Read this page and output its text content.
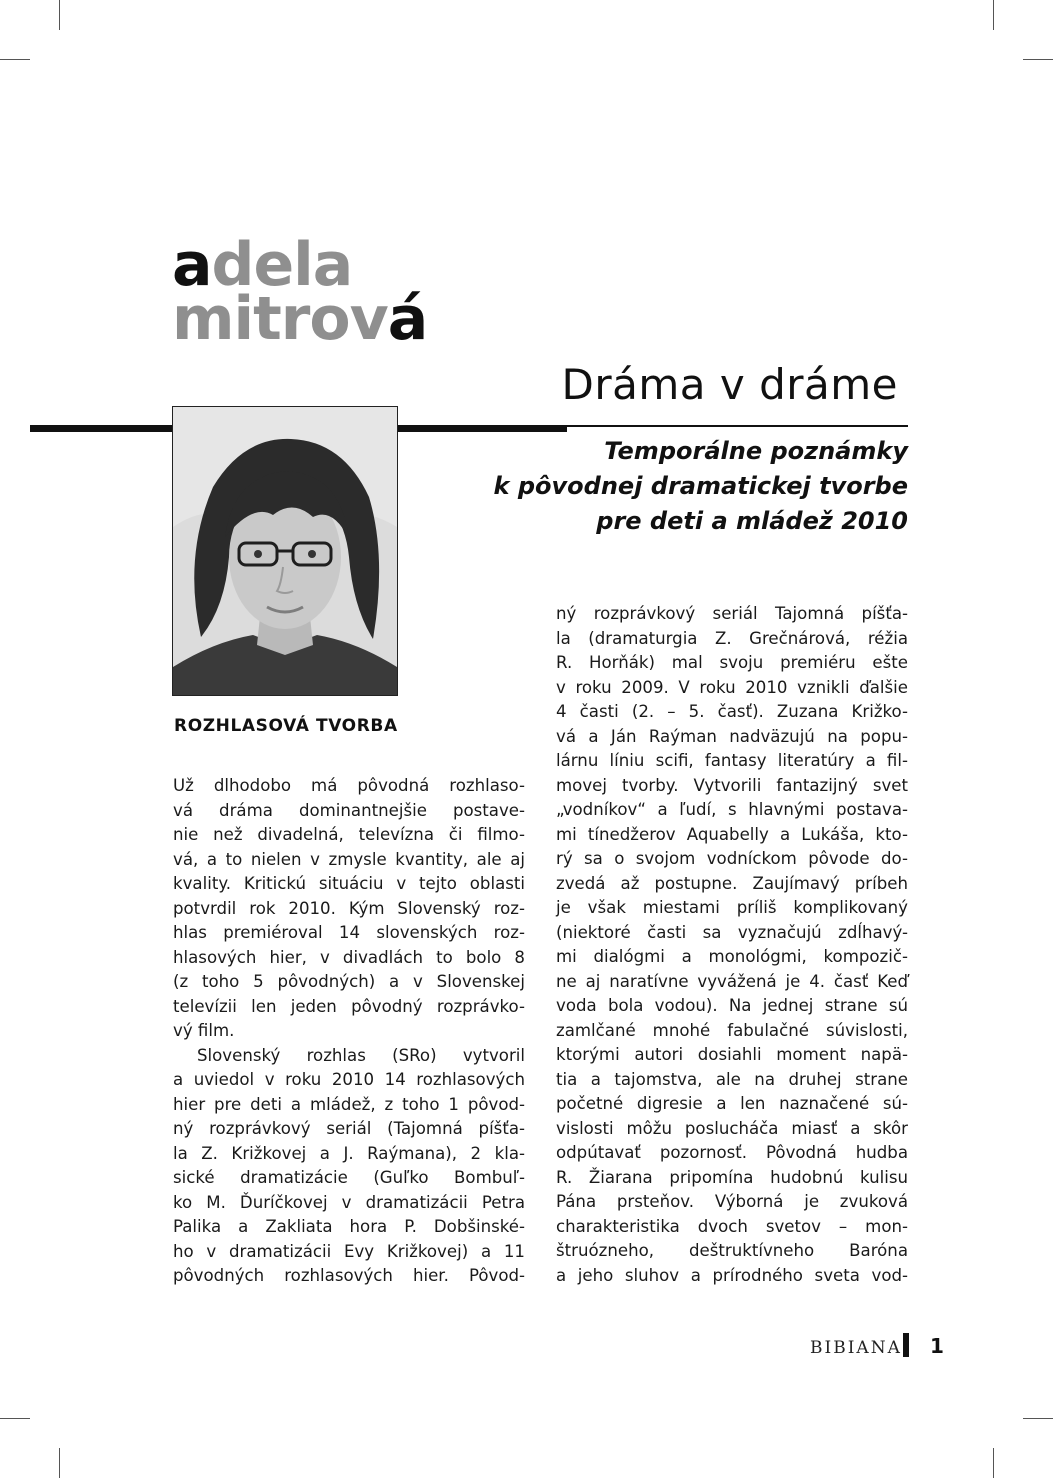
adela
mitrová
Dráma v dráme
Temporálne poznámky
k pôvodnej dramatickej tvorbe
pre deti a mládež 2010
ROZHLASOVÁ TVORBA
Už dlhodobo má pôvodná rozhlaso-
vá dráma dominantnejšie postave-
nie než divadelná, televízna či filmo-
vá, a to nielen v zmysle kvantity, ale aj
kvality. Kritickú situáciu v tejto oblasti
potvrdil rok 2010. Kým Slovenský roz-
hlas premiéroval 14 slovenských roz-
hlasových hier, v divadlách to bolo 8
(z toho 5 pôvodných) a v Slovenskej
televízii len jeden pôvodný rozprávko-
vý film.
Slovenský rozhlas (SRo) vytvoril
a uviedol v roku 2010 14 rozhlasových
hier pre deti a mládež, z toho 1 pôvod-
ný rozprávkový seriál (Tajomná píšťa-
la Z. Križkovej a J. Raýmana), 2 kla-
sické dramatizácie (Guľko Bombuľ-
ko M. Ďuríčkovej v dramatizácii Petra
Palika a Zakliata hora P. Dobšinské-
ho v dramatizácii Evy Križkovej) a 11
pôvodných rozhlasových hier. Pôvod-
ný rozprávkový seriál Tajomná píšťa-
la (dramaturgia Z. Grečnárová, réžia
R. Horňák) mal svoju premiéru ešte
v roku 2009. V roku 2010 vznikli ďalšie
4 časti (2. – 5. časť). Zuzana Križko-
vá a Ján Raýman nadväzujú na popu-
lárnu líniu scifi, fantasy literatúry a fil-
movej tvorby. Vytvorili fantazijný svet
„vodníkov“ a ľudí, s hlavnými postava-
mi tínedžerov Aquabelly a Lukáša, kto-
rý sa o svojom vodníckom pôvode do-
zvedá až postupne. Zaujímavý príbeh
je však miestami príliš komplikovaný
(niektoré časti sa vyznačujú zdĺhavý-
mi dialógmi a monológmi, kompozič-
ne aj naratívne vyvážená je 4. časť Keď
voda bola vodou). Na jednej strane sú
zamlčané mnohé fabulačné súvislosti,
ktorými autori dosiahli moment napä-
tia a tajomstva, ale na druhej strane
početné digresie a len naznačené sú-
vislosti môžu poslucháča miasť a skôr
odpútavať pozornosť. Pôvodná hudba
R. Žiarana pripomína hudobnú kulisu
Pána prsteňov. Výborná je zvuková
charakteristika dvoch svetov – mon-
štruózneho, deštruktívneho Baróna
a jeho sluhov a prírodného sveta vod-
BIBIANA 1
